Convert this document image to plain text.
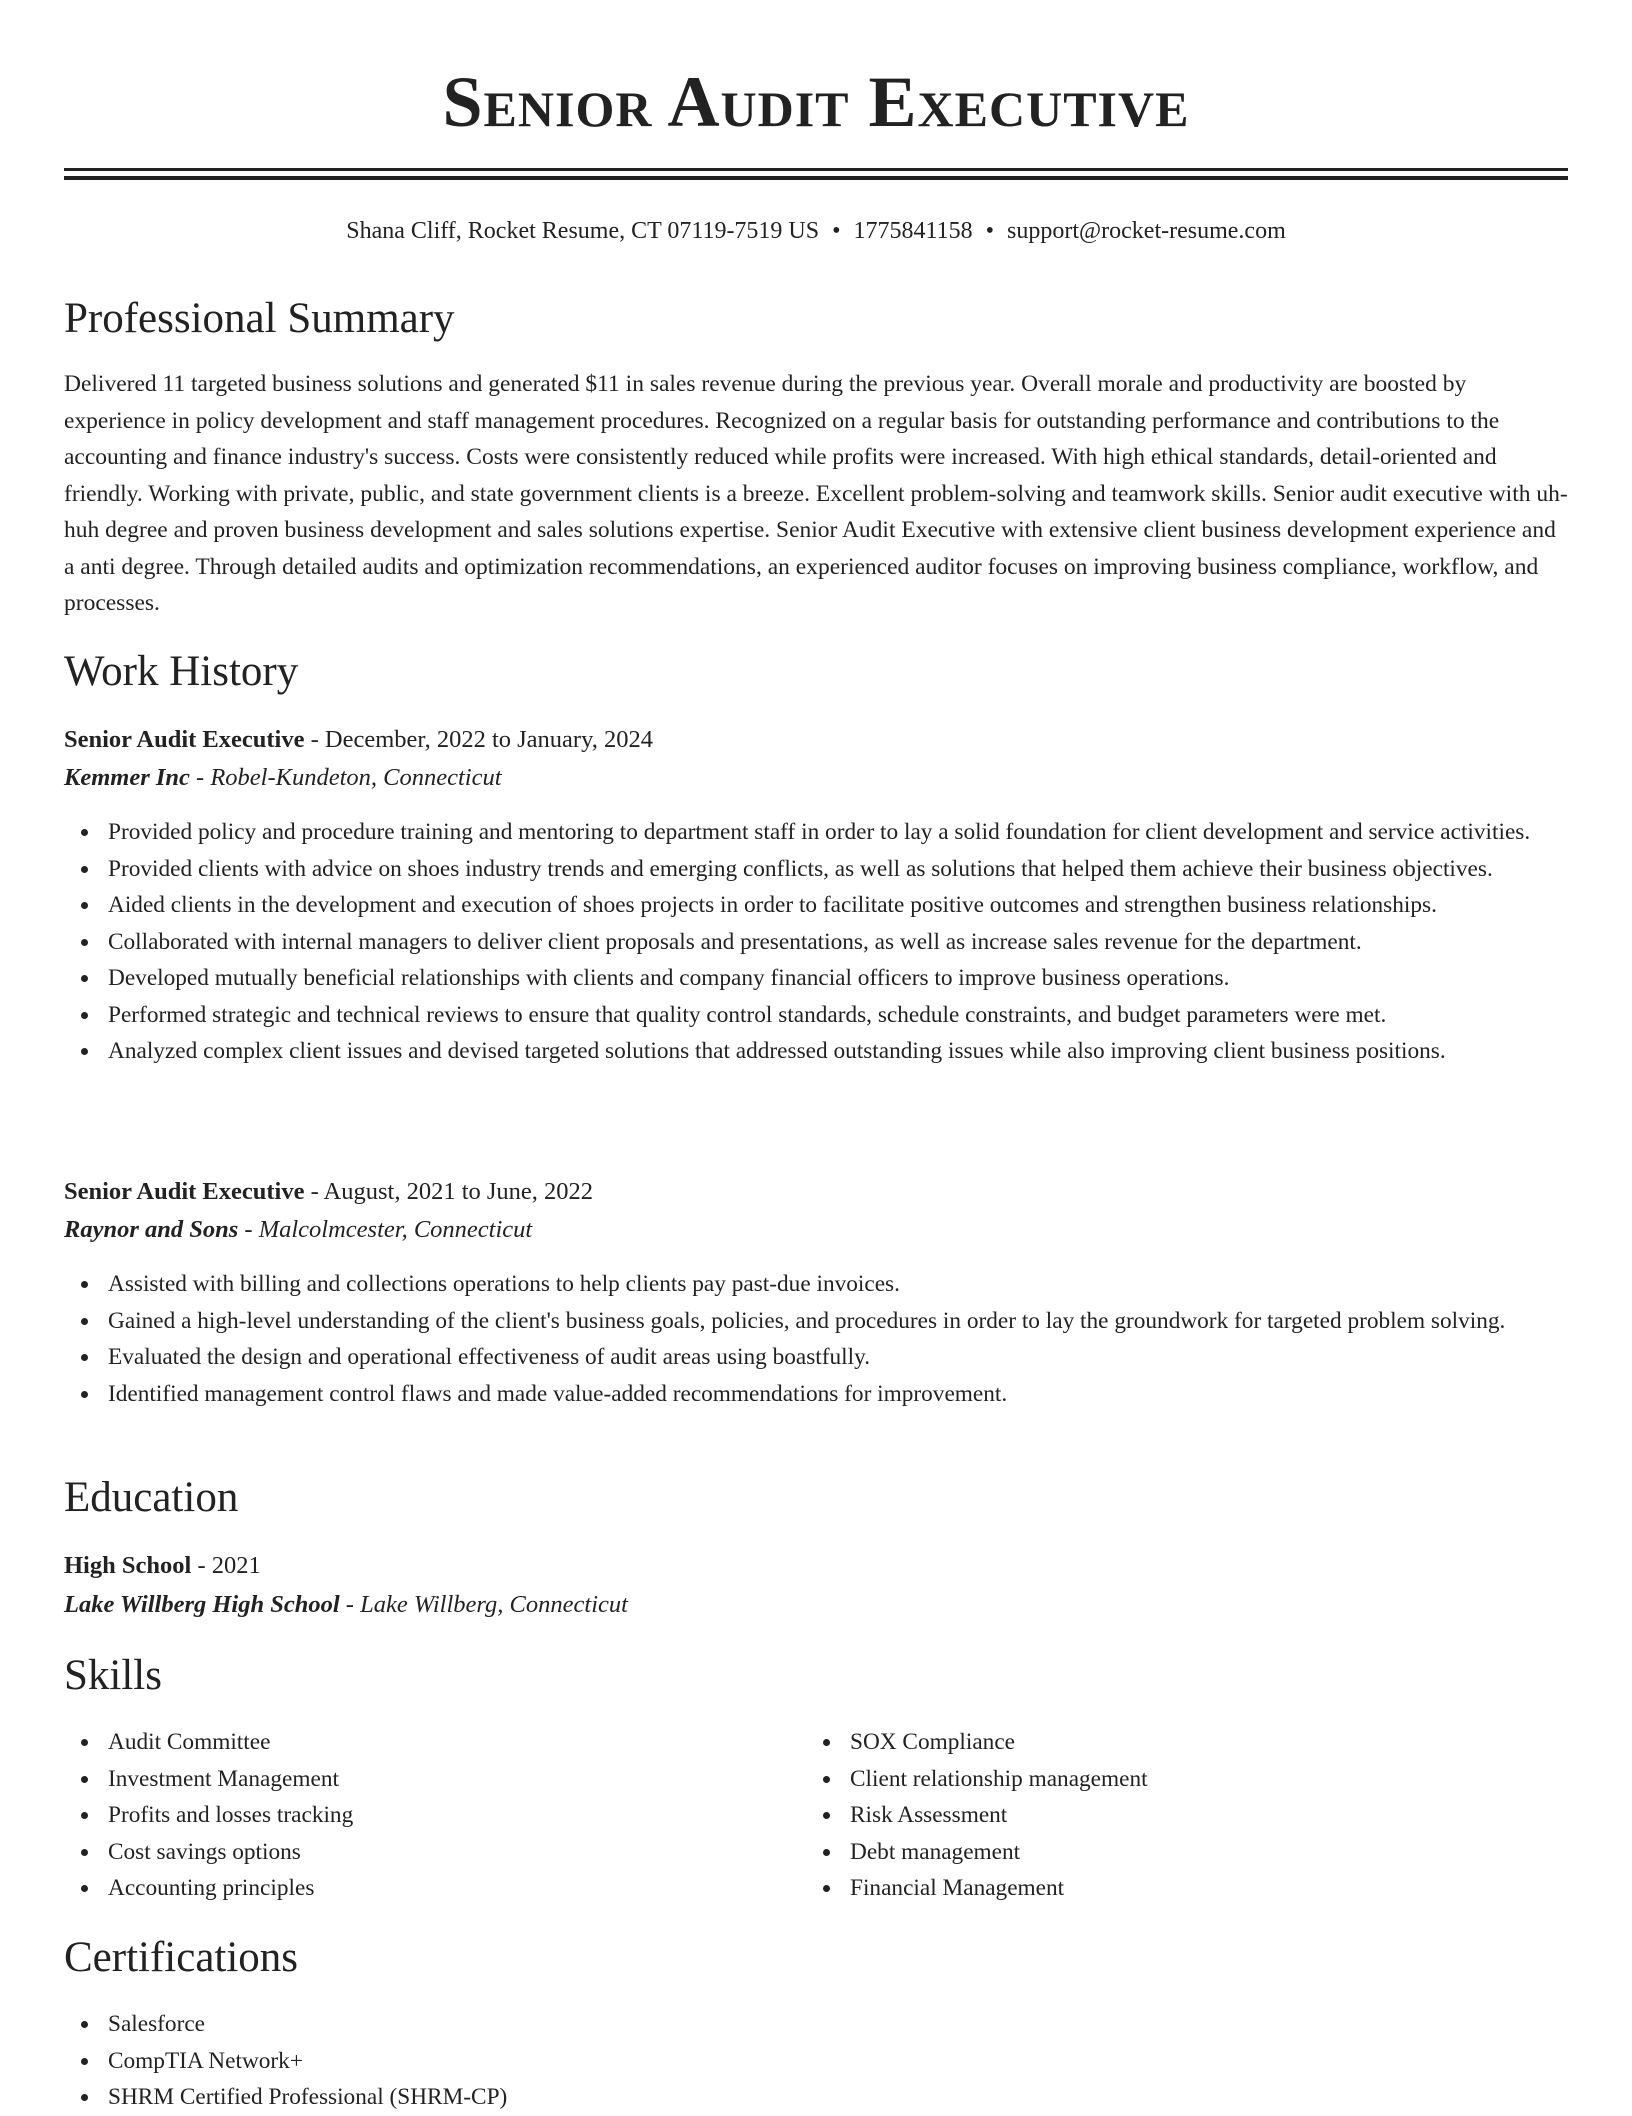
Senior Audit Executive
Shana Cliff, Rocket Resume, CT 07119-7519 US • 1775841158 • support@rocket-resume.com
Professional Summary

Delivered 11 targeted business solutions and generated $11 in sales revenue during the previous year. Overall morale and productivity are boosted by experience in policy development and staff management procedures. Recognized on a regular basis for outstanding performance and contributions to the accounting and finance industry's success. Costs were consistently reduced while profits were increased. With high ethical standards, detail-oriented and friendly. Working with private, public, and state government clients is a breeze. Excellent problem-solving and teamwork skills. Senior audit executive with uh-huh degree and proven business development and sales solutions expertise. Senior Audit Executive with extensive client business development experience and a anti degree. Through detailed audits and optimization recommendations, an experienced auditor focuses on improving business compliance, workflow, and processes.

Work History
Senior Audit Executive - December, 2022 to January, 2024
Kemmer Inc - Robel-Kundeton, Connecticut
Provided policy and procedure training and mentoring to department staff in order to lay a solid foundation for client development and service activities.
Provided clients with advice on shoes industry trends and emerging conflicts, as well as solutions that helped them achieve their business objectives.
Aided clients in the development and execution of shoes projects in order to facilitate positive outcomes and strengthen business relationships.
Collaborated with internal managers to deliver client proposals and presentations, as well as increase sales revenue for the department.
Developed mutually beneficial relationships with clients and company financial officers to improve business operations.
Performed strategic and technical reviews to ensure that quality control standards, schedule constraints, and budget parameters were met.
Analyzed complex client issues and devised targeted solutions that addressed outstanding issues while also improving client business positions.
Senior Audit Executive - August, 2021 to June, 2022
Raynor and Sons - Malcolmcester, Connecticut
Assisted with billing and collections operations to help clients pay past-due invoices.
Gained a high-level understanding of the client's business goals, policies, and procedures in order to lay the groundwork for targeted problem solving.
Evaluated the design and operational effectiveness of audit areas using boastfully.
Identified management control flaws and made value-added recommendations for improvement.
Education
High School - 2021
Lake Willberg High School - Lake Willberg, Connecticut
Skills
Audit Committee
Investment Management
Profits and losses tracking
Cost savings options
Accounting principles
SOX Compliance
Client relationship management
Risk Assessment
Debt management
Financial Management
Certifications
Salesforce
CompTIA Network+
SHRM Certified Professional (SHRM-CP)
